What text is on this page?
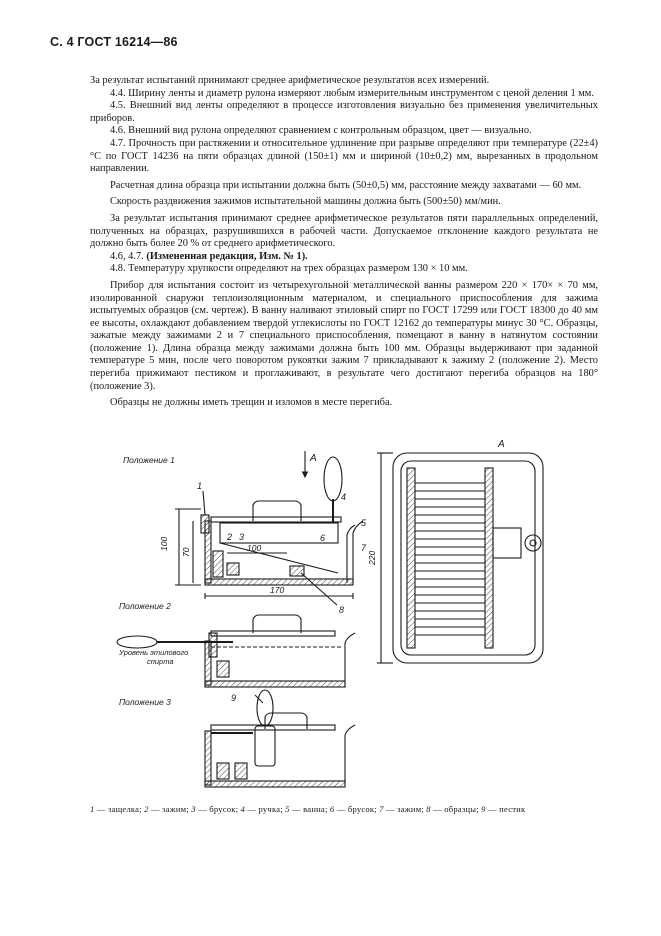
С. 4 ГОСТ 16214—86

За результат испытаний принимают среднее арифметическое результатов всех измерений.

4.4. Ширину ленты и диаметр рулона измеряют любым измерительным инструментом с ценой деления 1 мм.

4.5. Внешний вид ленты определяют в процессе изготовления визуально без применения увеличительных приборов.

4.6. Внешний вид рулона определяют сравнением с контрольным образцом, цвет — визуально.

4.7. Прочность при растяжении и относительное удлинение при разрыве определяют при температуре (22±4) °С по ГОСТ 14236 на пяти образцах длиной (150±1) мм и шириной (10±0,2) мм, вырезанных в продольном направлении.

Расчетная длина образца при испытании должна быть (50±0,5) мм, расстояние между захватами — 60 мм.

Скорость раздвижения зажимов испытательной машины должна быть (500±50) мм/мин.

За результат испытания принимают среднее арифметическое результатов пяти параллельных определений, полученных на образцах, разрушившихся в рабочей части. Допускаемое отклонение каждого результата не должно быть более 20 % от среднего арифметического.

4.6, 4.7. (Измененная редакция, Изм. № 1).

4.8. Температуру хрупкости определяют на трех образцах размером 130 × 10 мм.

Прибор для испытания состоит из четырехугольной металлической ванны размером 220 × 170× × 70 мм, изолированной снаружи теплоизоляционным материалом, и специального приспособления для зажима испытуемых образцов (см. чертеж). В ванну наливают этиловый спирт по ГОСТ 17299 или ГОСТ 18300 до 40 мм ее высоты, охлаждают добавлением твердой углекислоты по ГОСТ 12162 до температуры минус 30 °С. Образцы, зажатые между зажимами 2 и 7 специального приспособления, помещают в ванну в натянутом состоянии (положение 1). Длина образца между зажимами должна быть 100 мм. Образцы выдерживают при заданной температуре 5 мин, после чего поворотом рукоятки зажим 7 прикладывают к зажиму 2 (положение 2). Место перегиба прижимают пестиком и проглаживают, в результате чего достигают перегиба образцов на 180° (положение 3).

Образцы не должны иметь трещин и изломов в месте перегиба.

Положение 1	А
100
70	100
170
1
2 3
4
5
6
7
8
А
220
Положение 2
Уровень этилового
спирта
Положение 3	9
1 — защелка; 2 — зажим; 3 — брусок; 4 — ручка; 5 — ванна; 6 — брусок; 7 — зажим; 8 — образцы; 9 — пестик
